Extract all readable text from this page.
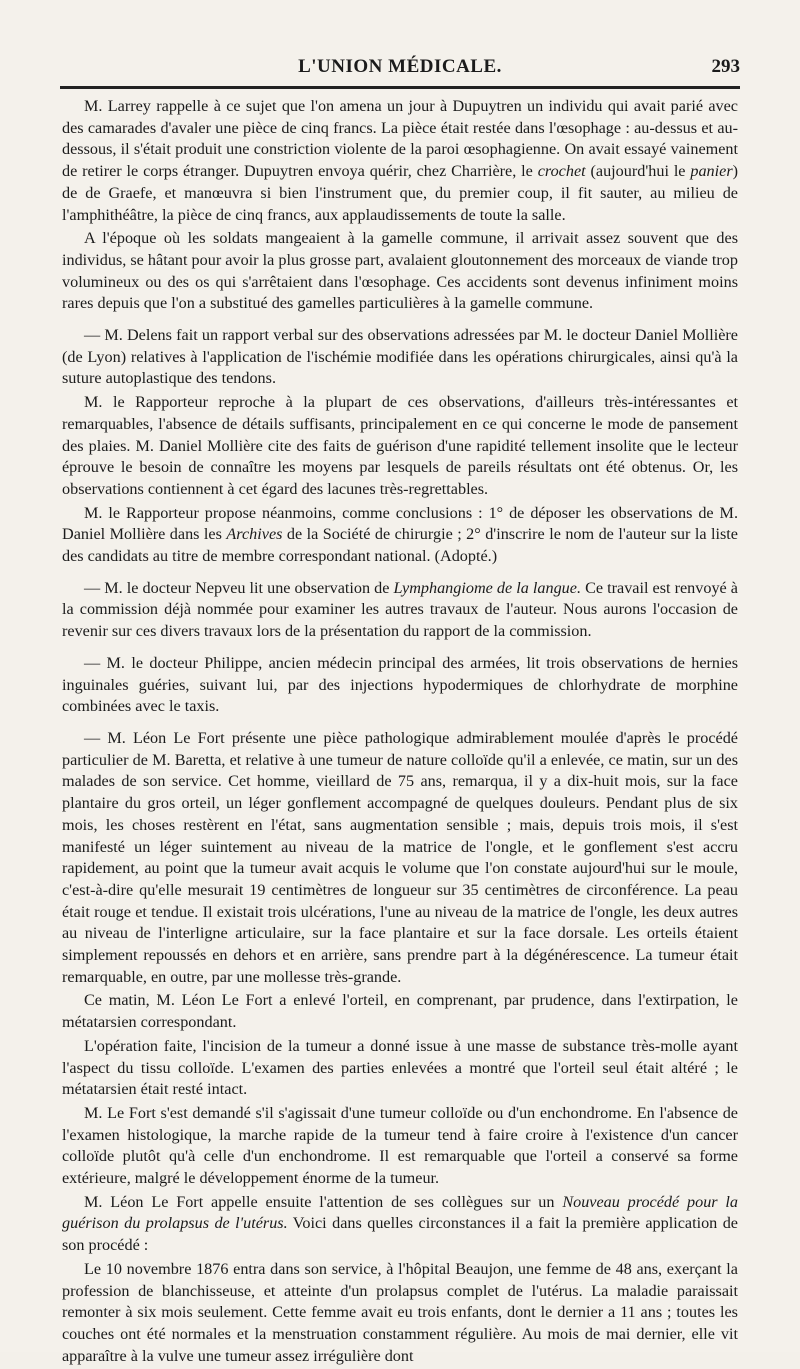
L'UNION MÉDICALE.	293

M. Larrey rappelle à ce sujet que l'on amena un jour à Dupuytren un individu qui avait parié avec des camarades d'avaler une pièce de cinq francs. La pièce était restée dans l'œsophage : au-dessus et au-dessous, il s'était produit une constriction violente de la paroi œsophagienne. On avait essayé vainement de retirer le corps étranger. Dupuytren envoya quérir, chez Charrière, le crochet (aujourd'hui le panier) de de Graefe, et manœuvra si bien l'instrument que, du premier coup, il fit sauter, au milieu de l'amphithéâtre, la pièce de cinq francs, aux applaudissements de toute la salle.

A l'époque où les soldats mangeaient à la gamelle commune, il arrivait assez souvent que des individus, se hâtant pour avoir la plus grosse part, avalaient gloutonnement des morceaux de viande trop volumineux ou des os qui s'arrêtaient dans l'œsophage. Ces accidents sont devenus infiniment moins rares depuis que l'on a substitué des gamelles particulières à la gamelle commune.

— M. Delens fait un rapport verbal sur des observations adressées par M. le docteur Daniel Mollière (de Lyon) relatives à l'application de l'ischémie modifiée dans les opérations chirurgicales, ainsi qu'à la suture autoplastique des tendons.

M. le Rapporteur reproche à la plupart de ces observations, d'ailleurs très-intéressantes et remarquables, l'absence de détails suffisants, principalement en ce qui concerne le mode de pansement des plaies. M. Daniel Mollière cite des faits de guérison d'une rapidité tellement insolite que le lecteur éprouve le besoin de connaître les moyens par lesquels de pareils résultats ont été obtenus. Or, les observations contiennent à cet égard des lacunes très-regrettables.

M. le Rapporteur propose néanmoins, comme conclusions : 1° de déposer les observations de M. Daniel Mollière dans les Archives de la Société de chirurgie ; 2° d'inscrire le nom de l'auteur sur la liste des candidats au titre de membre correspondant national. (Adopté.)

— M. le docteur Nepveu lit une observation de Lymphangiome de la langue. Ce travail est renvoyé à la commission déjà nommée pour examiner les autres travaux de l'auteur. Nous aurons l'occasion de revenir sur ces divers travaux lors de la présentation du rapport de la commission.

— M. le docteur Philippe, ancien médecin principal des armées, lit trois observations de hernies inguinales guéries, suivant lui, par des injections hypodermiques de chlorhydrate de morphine combinées avec le taxis.

— M. Léon Le Fort présente une pièce pathologique admirablement moulée d'après le procédé particulier de M. Baretta, et relative à une tumeur de nature colloïde qu'il a enlevée, ce matin, sur un des malades de son service. Cet homme, vieillard de 75 ans, remarqua, il y a dix-huit mois, sur la face plantaire du gros orteil, un léger gonflement accompagné de quelques douleurs. Pendant plus de six mois, les choses restèrent en l'état, sans augmentation sensible ; mais, depuis trois mois, il s'est manifesté un léger suintement au niveau de la matrice de l'ongle, et le gonflement s'est accru rapidement, au point que la tumeur avait acquis le volume que l'on constate aujourd'hui sur le moule, c'est-à-dire qu'elle mesurait 19 centimètres de longueur sur 35 centimètres de circonférence. La peau était rouge et tendue. Il existait trois ulcérations, l'une au niveau de la matrice de l'ongle, les deux autres au niveau de l'interligne articulaire, sur la face plantaire et sur la face dorsale. Les orteils étaient simplement repoussés en dehors et en arrière, sans prendre part à la dégénérescence. La tumeur était remarquable, en outre, par une mollesse très-grande.

Ce matin, M. Léon Le Fort a enlevé l'orteil, en comprenant, par prudence, dans l'extirpation, le métatarsien correspondant.

L'opération faite, l'incision de la tumeur a donné issue à une masse de substance très-molle ayant l'aspect du tissu colloïde. L'examen des parties enlevées a montré que l'orteil seul était altéré ; le métatarsien était resté intact.

M. Le Fort s'est demandé s'il s'agissait d'une tumeur colloïde ou d'un enchondrome. En l'absence de l'examen histologique, la marche rapide de la tumeur tend à faire croire à l'existence d'un cancer colloïde plutôt qu'à celle d'un enchondrome. Il est remarquable que l'orteil a conservé sa forme extérieure, malgré le développement énorme de la tumeur.

M. Léon Le Fort appelle ensuite l'attention de ses collègues sur un Nouveau procédé pour la guérison du prolapsus de l'utérus. Voici dans quelles circonstances il a fait la première application de son procédé :

Le 10 novembre 1876 entra dans son service, à l'hôpital Beaujon, une femme de 48 ans, exerçant la profession de blanchisseuse, et atteinte d'un prolapsus complet de l'utérus. La maladie paraissait remonter à six mois seulement. Cette femme avait eu trois enfants, dont le dernier a 11 ans ; toutes les couches ont été normales et la menstruation constamment régulière. Au mois de mai dernier, elle vit apparaître à la vulve une tumeur assez irrégulière dont
